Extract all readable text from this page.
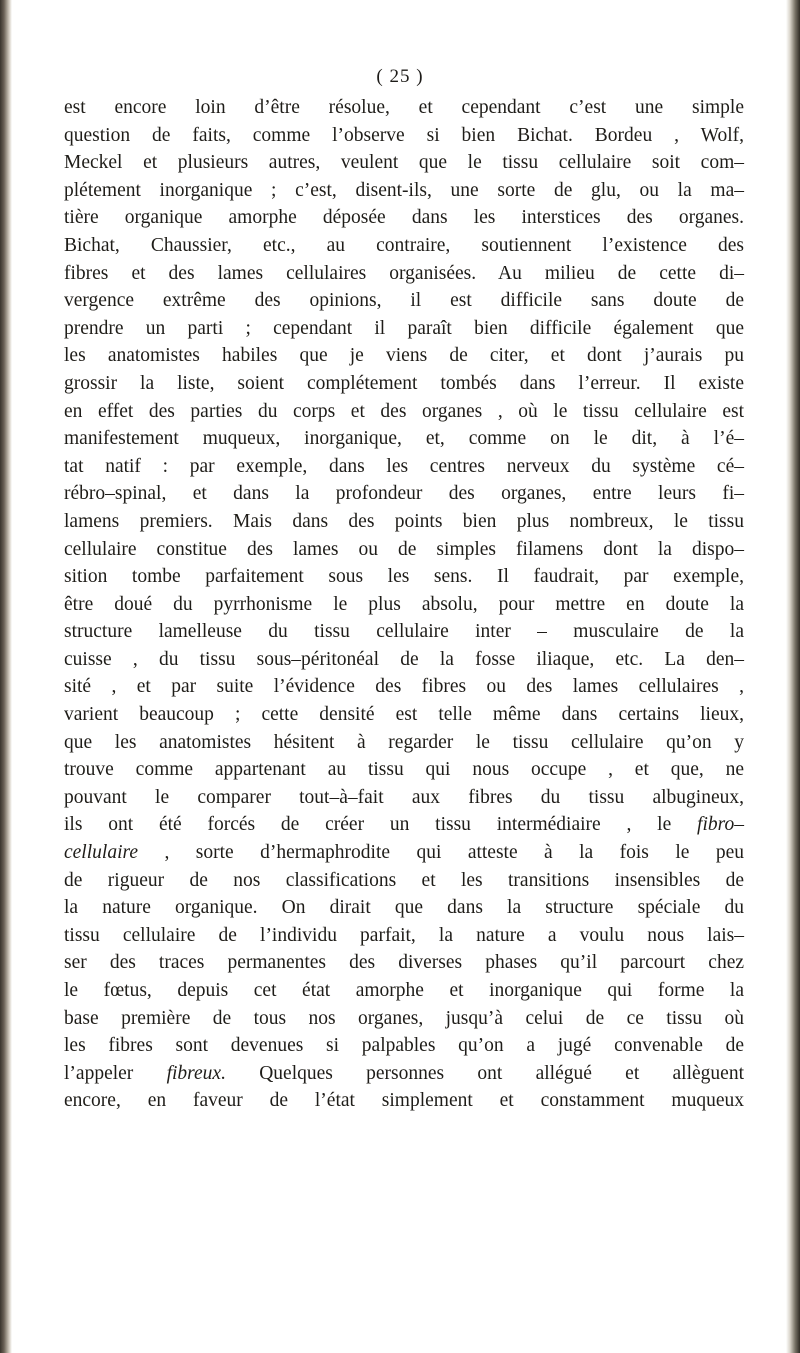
( 25 )
est encore loin d’être résolue, et cependant c’est une simple
question de faits, comme l’observe si bien Bichat. Bordeu , Wolf,
Meckel et plusieurs autres, veulent que le tissu cellulaire soit com–
plétement inorganique ; c’est, disent-ils, une sorte de glu, ou la ma–
tière organique amorphe déposée dans les interstices des organes.
Bichat, Chaussier, etc., au contraire, soutiennent l’existence des
fibres et des lames cellulaires organisées. Au milieu de cette di–
vergence extrême des opinions, il est difficile sans doute de
prendre un parti ; cependant il paraît bien difficile également que
les anatomistes habiles que je viens de citer, et dont j’aurais pu
grossir la liste, soient complétement tombés dans l’erreur. Il existe
en effet des parties du corps et des organes , où le tissu cellulaire est
manifestement muqueux, inorganique, et, comme on le dit, à l’é–
tat natif : par exemple, dans les centres nerveux du système cé–
rébro–spinal, et dans la profondeur des organes, entre leurs fi–
lamens premiers. Mais dans des points bien plus nombreux, le tissu
cellulaire constitue des lames ou de simples filamens dont la dispo–
sition tombe parfaitement sous les sens. Il faudrait, par exemple,
être doué du pyrrhonisme le plus absolu, pour mettre en doute la
structure lamelleuse du tissu cellulaire inter – musculaire de la
cuisse , du tissu sous–péritonéal de la fosse iliaque, etc. La den–
sité , et par suite l’évidence des fibres ou des lames cellulaires ,
varient beaucoup ; cette densité est telle même dans certains lieux,
que les anatomistes hésitent à regarder le tissu cellulaire qu’on y
trouve comme appartenant au tissu qui nous occupe , et que, ne
pouvant le comparer tout–à–fait aux fibres du tissu albugineux,
ils ont été forcés de créer un tissu intermédiaire , le fibro–
cellulaire , sorte d’hermaphrodite qui atteste à la fois le peu
de rigueur de nos classifications et les transitions insensibles de
la nature organique. On dirait que dans la structure spéciale du
tissu cellulaire de l’individu parfait, la nature a voulu nous lais–
ser des traces permanentes des diverses phases qu’il parcourt chez
le fœtus, depuis cet état amorphe et inorganique qui forme la
base première de tous nos organes, jusqu’à celui de ce tissu où
les fibres sont devenues si palpables qu’on a jugé convenable de
l’appeler fibreux. Quelques personnes ont allégué et allèguent
encore, en faveur de l’état simplement et constamment muqueux
